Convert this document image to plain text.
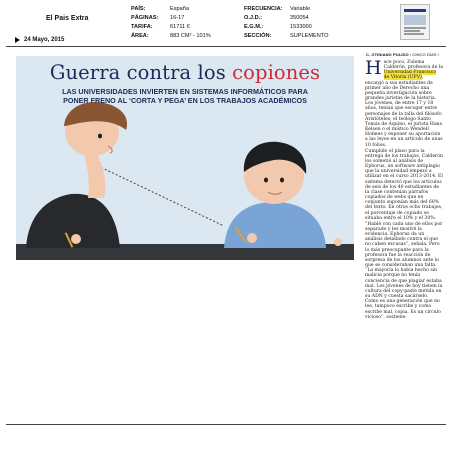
El Pais Extra
PAÍS:	España
PÁGINAS:	16-17
TARIFA:	61711 €
ÁREA:	883 CM² - 101%
FRECUENCIA:	Variable
O.J.D.:	350054
E.G.M.:	1533000
SECCIÓN:	SUPLEMENTO
24 Mayo, 2015
Guerra contra los copiones
LAS UNIVERSIDADES INVIERTEN EN SISTEMAS INFORMÁTICOS PARA
PONER FRENO AL ‘CORTA Y PEGA’ EN LOS TRABAJOS ACADÉMICOS
C. OTINIANO PULIDO / CINCO DÍAS /

Hace poco, Zulema Calderón, profesora de la Universidad Francisco de Vitoria (UFV), encargó a sus estudiantes de primer año de Derecho una pequeña investigación sobre grandes juristas de la historia. Los jóvenes, de entre 17 y 18 años, tenían que escoger entre personajes de la talla del filósofo Aristóteles, el teólogo Santo Tomás de Aquino, el jurista Hans Kelsen o el místico Wendell Holmes y exponer su aportación a las leyes en un artículo de unas 10 folios.

Cumplido el plazo para la entrega de los trabajos, Calderón los sometió al análisis de Ephorus, un software antiplagio que la universidad empezó a utilizar en el curso 2013-2014. El sistema detectó que los artículos de seis de los 40 estudiantes de la clase contenían párrafos copiados de webs que en conjunto suponían más del 60% del texto. En otros ocho trabajos, el porcentaje de copiado se situaba entre el 10% y el 30%.

“Hablé con cada uno de ellos por separado y les mostré la evidencia. Ephorus da un análisis detallado contra el que no caben excusas”, señala. Pero lo más preocupante para la profesora fue la reacción de sorpresa de los alumnos ante lo que se consideraban una falta. “La mayoría lo había hecho sin malicia porque no tenía conciencia de que plagiar estaba mal. Los jóvenes de hoy tienen la cultura del copy-paste metida en su ADN y cuesta sacárselo. Como es una generación que no lee, tampoco escribe y como escribe mal, copia. Es un círculo vicioso”, sostiene.
